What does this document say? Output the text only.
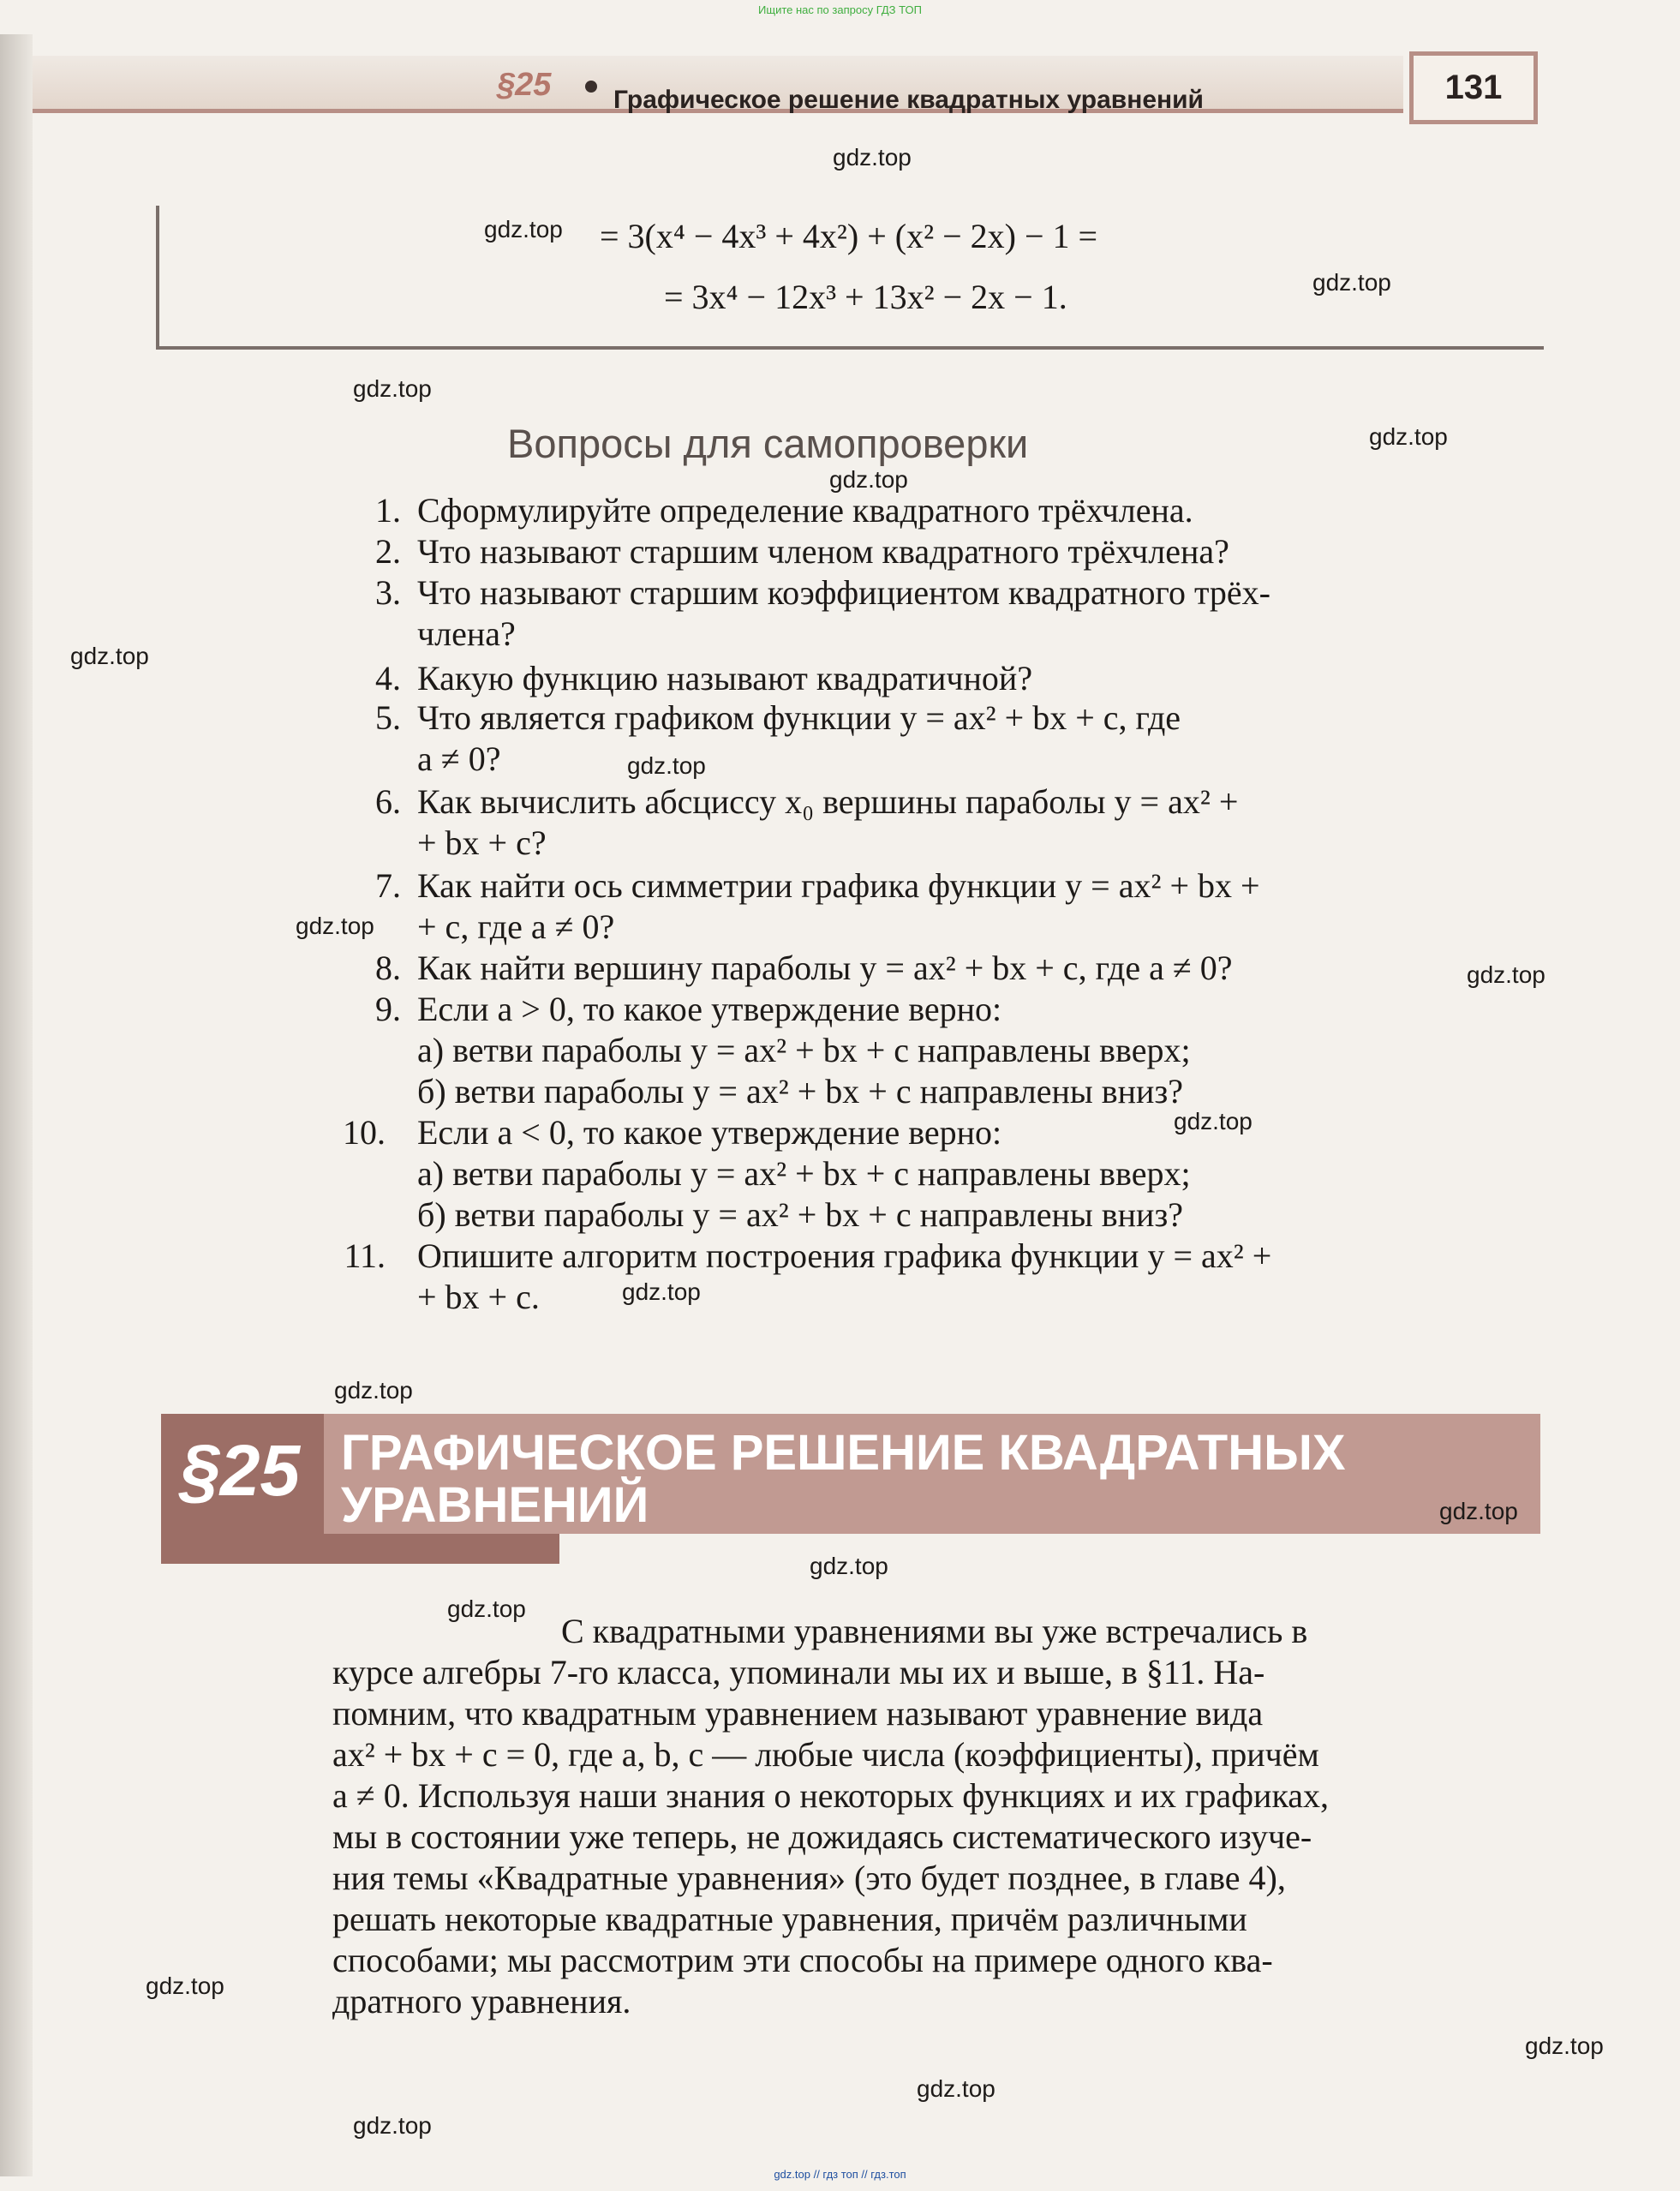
Ищите нас по запросу ГДЗ ТОП
§25 Графическое решение квадратных уравнений	131
= 3(x⁴ − 4x³ + 4x²) + (x² − 2x) − 1 =
= 3x⁴ − 12x³ + 13x² − 2x − 1.
Вопросы для самопроверки
1. Сформулируйте определение квадратного трёхчлена.
2. Что называют старшим членом квадратного трёхчлена?
3. Что называют старшим коэффициентом квадратного трёх-
члена?
4. Какую функцию называют квадратичной?
5. Что является графиком функции y = ax² + bx + c, где
a ≠ 0?
6. Как вычислить абсциссу x₀ вершины параболы y = ax² +
+ bx + c?
7. Как найти ось симметрии графика функции y = ax² + bx +
+ c, где a ≠ 0?
8. Как найти вершину параболы y = ax² + bx + c, где a ≠ 0?
9. Если a > 0, то какое утверждение верно:
а) ветви параболы y = ax² + bx + c направлены вверх;
б) ветви параболы y = ax² + bx + c направлены вниз?
10. Если a < 0, то какое утверждение верно:
а) ветви параболы y = ax² + bx + c направлены вверх;
б) ветви параболы y = ax² + bx + c направлены вниз?
11. Опишите алгоритм построения графика функции y = ax² +
+ bx + c.
§25 ГРАФИЧЕСКОЕ РЕШЕНИЕ КВАДРАТНЫХ
УРАВНЕНИЙ
С квадратными уравнениями вы уже встречались в
курсе алгебры 7-го класса, упоминали мы их и выше, в §11. На-
помним, что квадратным уравнением называют уравнение вида
ax² + bx + c = 0, где a, b, c — любые числа (коэффициенты), причём
a ≠ 0. Используя наши знания о некоторых функциях и их графиках,
мы в состоянии уже теперь, не дожидаясь систематического изуче-
ния темы «Квадратные уравнения» (это будет позднее, в главе 4),
решать некоторые квадратные уравнения, причём различными
способами; мы рассмотрим эти способы на примере одного ква-
дратного уравнения.
gdz.top
gdz.top
gdz.top
gdz.top
gdz.top
gdz.top
gdz.top
gdz.top
gdz.top
gdz.top
gdz.top
gdz.top
gdz.top
gdz.top
gdz.top
gdz.top
gdz.top
gdz.top
gdz.top
gdz.top
gdz.top // гдз топ // гдз.топ
